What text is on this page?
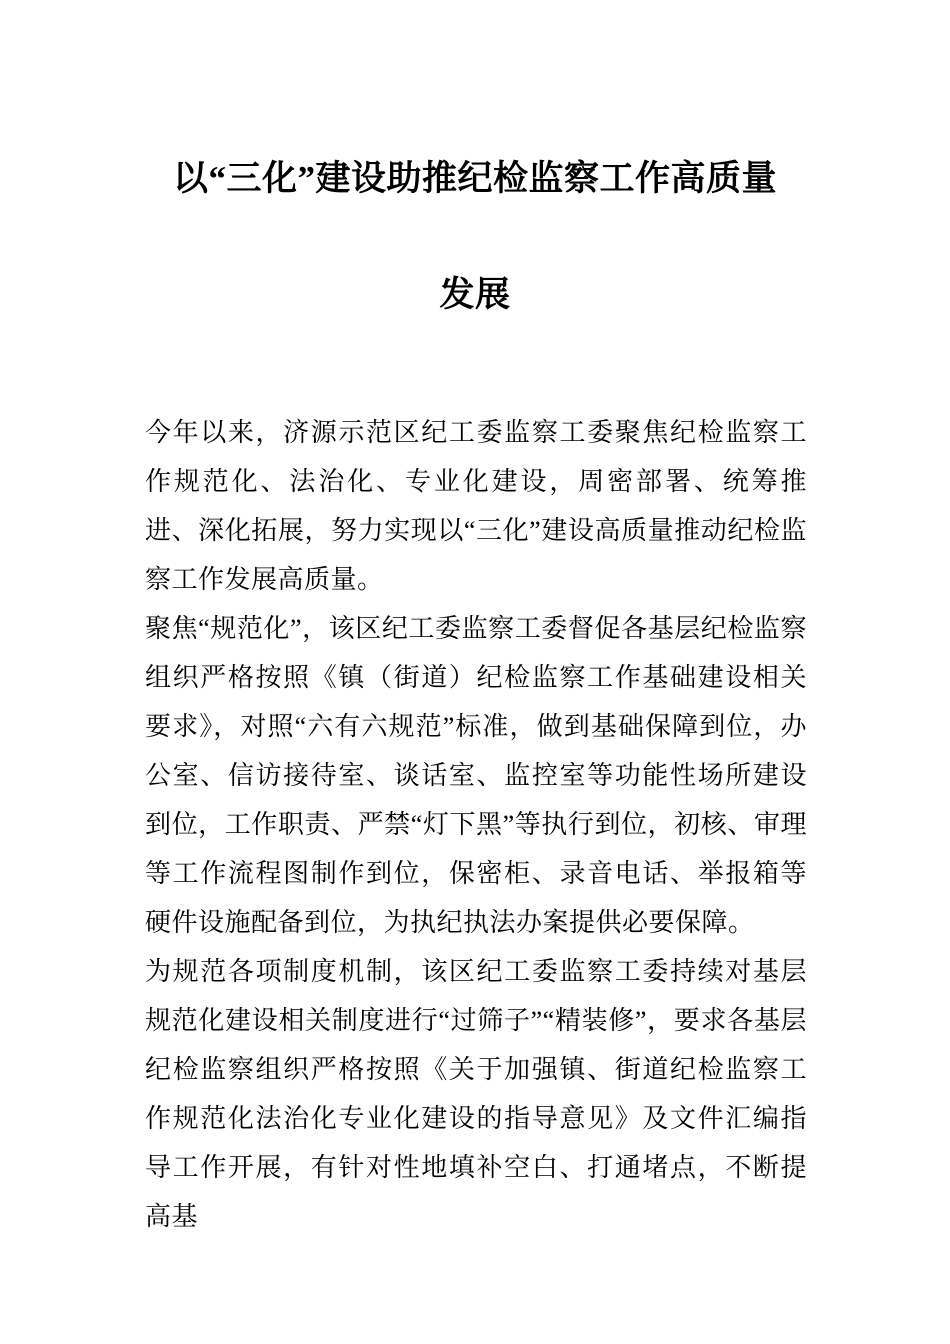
以“三化”建设助推纪检监察工作高质量
发展

今年以来，济源示范区纪工委监察工委聚焦纪检监察工作规范化、法治化、专业化建设，周密部署、统筹推进、深化拓展，努力实现以“三化”建设高质量推动纪检监察工作发展高质量。

聚焦“规范化”，该区纪工委监察工委督促各基层纪检监察组织严格按照《镇（街道）纪检监察工作基础建设相关要求》，对照“六有六规范”标准，做到基础保障到位，办公室、信访接待室、谈话室、监控室等功能性场所建设到位，工作职责、严禁“灯下黑”等执行到位，初核、审理等工作流程图制作到位，保密柜、录音电话、举报箱等硬件设施配备到位，为执纪执法办案提供必要保障。

为规范各项制度机制，该区纪工委监察工委持续对基层规范化建设相关制度进行“过筛子”“精装修”，要求各基层纪检监察组织严格按照《关于加强镇、街道纪检监察工作规范化法治化专业化建设的指导意见》及文件汇编指导工作开展，有针对性地填补空白、打通堵点，不断提高基
